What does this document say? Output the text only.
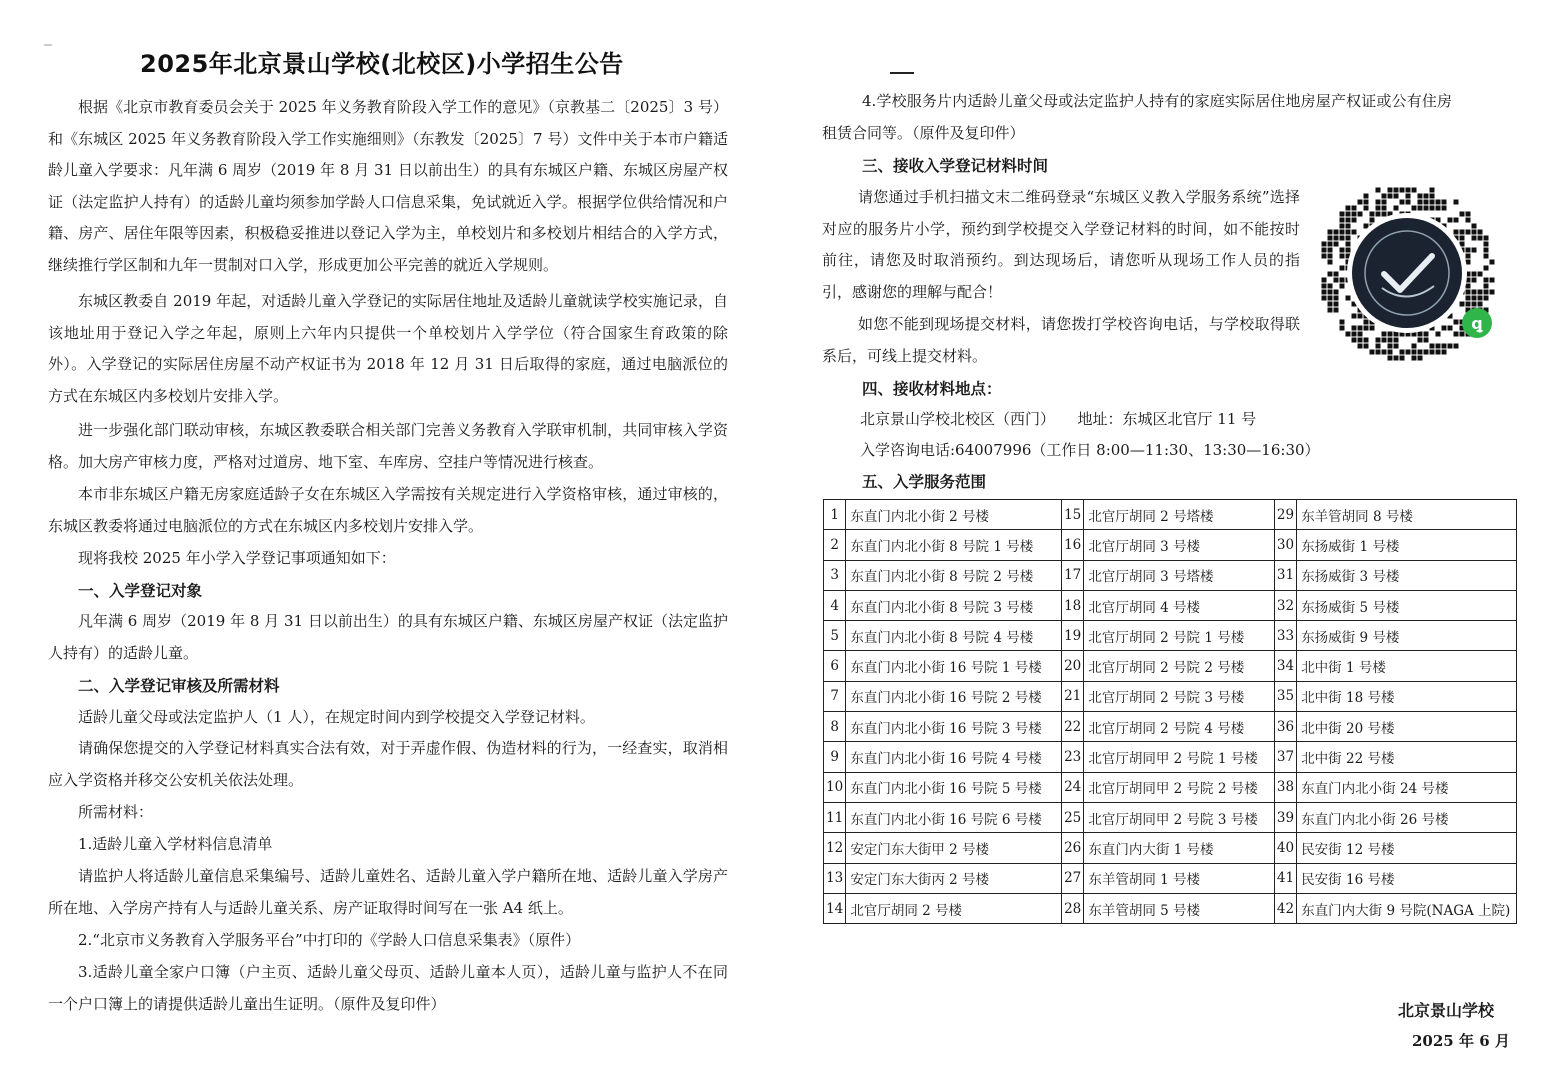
2025年北京景山学校(北校区)小学招生公告
根据《北京市教育委员会关于 2025 年义务教育阶段入学工作的意见》（京教基二〔2025〕3 号）和《东城区 2025 年义务教育阶段入学工作实施细则》（东教发〔2025〕7 号）文件中关于本市户籍适龄儿童入学要求：凡年满 6 周岁（2019 年 8 月 31 日以前出生）的具有东城区户籍、东城区房屋产权证（法定监护人持有）的适龄儿童均须参加学龄人口信息采集，免试就近入学。根据学位供给情况和户籍、房产、居住年限等因素，积极稳妥推进以登记入学为主，单校划片和多校划片相结合的入学方式，继续推行学区制和九年一贯制对口入学，形成更加公平完善的就近入学规则。
东城区教委自 2019 年起，对适龄儿童入学登记的实际居住地址及适龄儿童就读学校实施记录，自该地址用于登记入学之年起，原则上六年内只提供一个单校划片入学学位（符合国家生育政策的除外）。入学登记的实际居住房屋不动产权证书为 2018 年 12 月 31 日后取得的家庭，通过电脑派位的方式在东城区内多校划片安排入学。
进一步强化部门联动审核，东城区教委联合相关部门完善义务教育入学联审机制，共同审核入学资格。加大房产审核力度，严格对过道房、地下室、车库房、空挂户等情况进行核查。
本市非东城区户籍无房家庭适龄子女在东城区入学需按有关规定进行入学资格审核，通过审核的，东城区教委将通过电脑派位的方式在东城区内多校划片安排入学。
现将我校 2025 年小学入学登记事项通知如下：
一、入学登记对象
凡年满 6 周岁（2019 年 8 月 31 日以前出生）的具有东城区户籍、东城区房屋产权证（法定监护人持有）的适龄儿童。
二、入学登记审核及所需材料
适龄儿童父母或法定监护人（1 人），在规定时间内到学校提交入学登记材料。
请确保您提交的入学登记材料真实合法有效，对于弄虚作假、伪造材料的行为，一经查实，取消相应入学资格并移交公安机关依法处理。
所需材料：
1.适龄儿童入学材料信息清单
请监护人将适龄儿童信息采集编号、适龄儿童姓名、适龄儿童入学户籍所在地、适龄儿童入学房产所在地、入学房产持有人与适龄儿童关系、房产证取得时间写在一张 A4 纸上。
2.“北京市义务教育入学服务平台”中打印的《学龄人口信息采集表》（原件）
3.适龄儿童全家户口簿（户主页、适龄儿童父母页、适龄儿童本人页），适龄儿童与监护人不在同一个户口簿上的请提供适龄儿童出生证明。（原件及复印件）
4.学校服务片内适龄儿童父母或法定监护人持有的家庭实际居住地房屋产权证或公有住房租赁合同等。（原件及复印件）
三、接收入学登记材料时间
请您通过手机扫描文末二维码登录“东城区义教入学服务系统”选择对应的服务片小学，预约到学校提交入学登记材料的时间，如不能按时前往，请您及时取消预约。到达现场后，请您听从现场工作人员的指引，感谢您的理解与配合！
如您不能到现场提交材料，请您拨打学校咨询电话，与学校取得联系后，可线上提交材料。
四、接收材料地点：
北京景山学校北校区（西门）　　地址：东城区北官厅 11 号
入学咨询电话:64007996（工作日 8:00—11:30、13:30—16:30）
五、入学服务范围
ꝗ
1	东直门内北小街 2 号楼	15	北官厅胡同 2 号塔楼	29	东羊管胡同 8 号楼
2	东直门内北小街 8 号院 1 号楼	16	北官厅胡同 3 号楼	30	东扬威街 1 号楼
3	东直门内北小街 8 号院 2 号楼	17	北官厅胡同 3 号塔楼	31	东扬威街 3 号楼
4	东直门内北小街 8 号院 3 号楼	18	北官厅胡同 4 号楼	32	东扬威街 5 号楼
5	东直门内北小街 8 号院 4 号楼	19	北官厅胡同 2 号院 1 号楼	33	东扬威街 9 号楼
6	东直门内北小街 16 号院 1 号楼	20	北官厅胡同 2 号院 2 号楼	34	北中街 1 号楼
7	东直门内北小街 16 号院 2 号楼	21	北官厅胡同 2 号院 3 号楼	35	北中街 18 号楼
8	东直门内北小街 16 号院 3 号楼	22	北官厅胡同 2 号院 4 号楼	36	北中街 20 号楼
9	东直门内北小街 16 号院 4 号楼	23	北官厅胡同甲 2 号院 1 号楼	37	北中街 22 号楼
10	东直门内北小街 16 号院 5 号楼	24	北官厅胡同甲 2 号院 2 号楼	38	东直门内北小街 24 号楼
11	东直门内北小街 16 号院 6 号楼	25	北官厅胡同甲 2 号院 3 号楼	39	东直门内北小街 26 号楼
12	安定门东大街甲 2 号楼	26	东直门内大街 1 号楼	40	民安街 12 号楼
13	安定门东大街丙 2 号楼	27	东羊管胡同 1 号楼	41	民安街 16 号楼
14	北官厅胡同 2 号楼	28	东羊管胡同 5 号楼	42	东直门内大街 9 号院(NAGA 上院)
北京景山学校
2025 年 6 月
